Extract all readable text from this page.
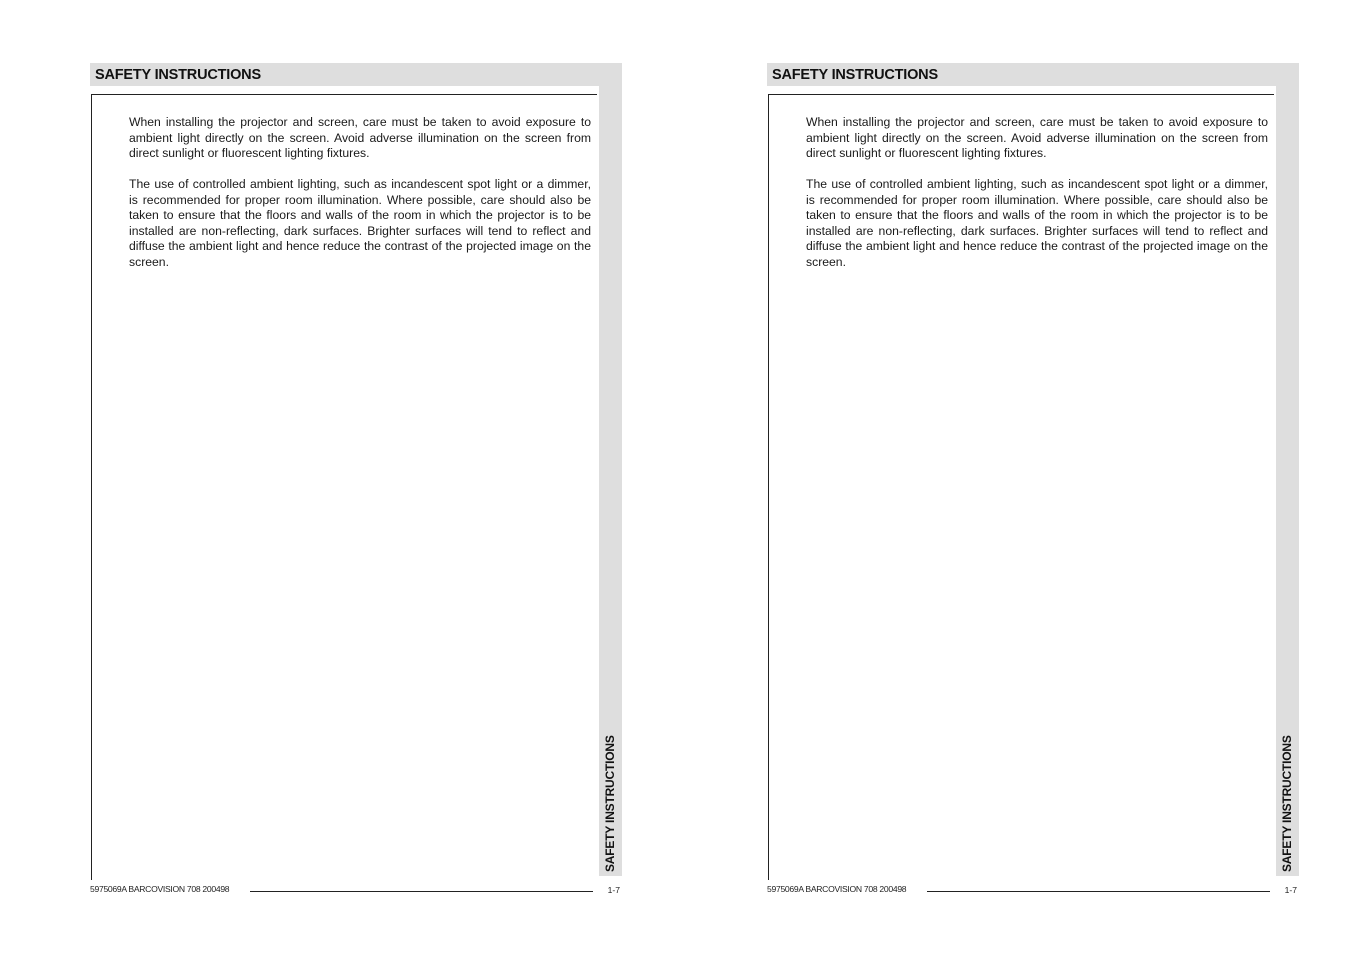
SAFETY INSTRUCTIONS
SAFETY INSTRUCTIONS

When installing the projector and screen, care must be taken to avoid exposure to ambient light directly on the screen. Avoid adverse illumination on the screen from direct sunlight or fluorescent lighting fixtures.

The use of controlled ambient lighting, such as incandescent spot light or a dimmer, is recommended for proper room illumination. Where possible, care should also be taken to ensure that the floors and walls of the room in which the projector is to be installed are non-reflecting, dark surfaces. Brighter surfaces will tend to reflect and diffuse the ambient light and hence reduce the contrast of the projected image on the screen.

5975069A BARCOVISION 708 200498	1-7
SAFETY INSTRUCTIONS
SAFETY INSTRUCTIONS

When installing the projector and screen, care must be taken to avoid exposure to ambient light directly on the screen. Avoid adverse illumination on the screen from direct sunlight or fluorescent lighting fixtures.

The use of controlled ambient lighting, such as incandescent spot light or a dimmer, is recommended for proper room illumination. Where possible, care should also be taken to ensure that the floors and walls of the room in which the projector is to be installed are non-reflecting, dark surfaces. Brighter surfaces will tend to reflect and diffuse the ambient light and hence reduce the contrast of the projected image on the screen.

5975069A BARCOVISION 708 200498	1-7
